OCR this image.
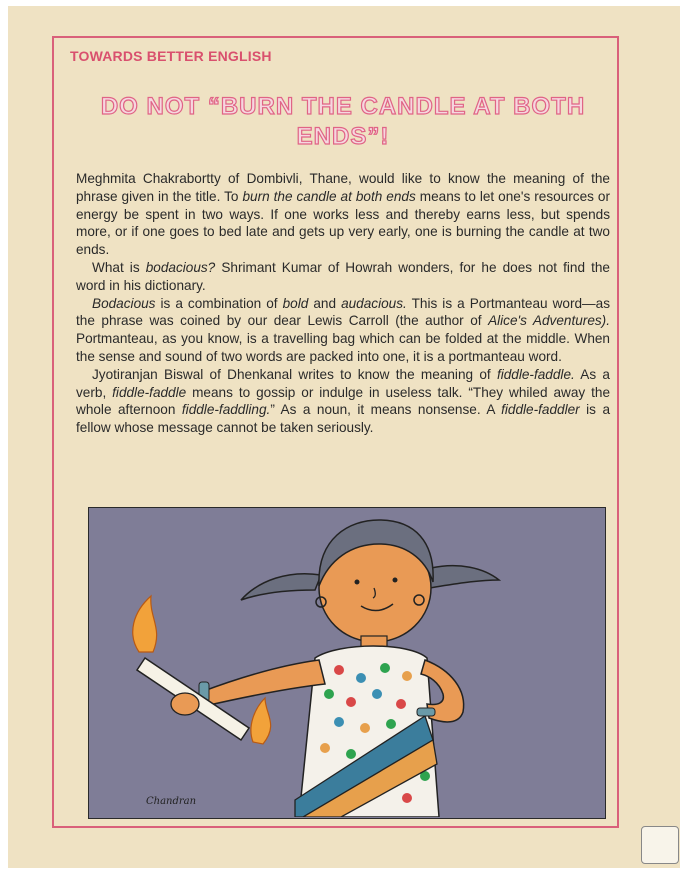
TOWARDS BETTER ENGLISH
DO NOT “BURN THE CANDLE AT BOTH ENDS”!

Meghmita Chakrabortty of Dombivli, Thane, would like to know the meaning of the phrase given in the title. To burn the candle at both ends means to let one's resources or energy be spent in two ways. If one works less and thereby earns less, but spends more, or if one goes to bed late and gets up very early, one is burning the candle at two ends.

What is bodacious? Shrimant Kumar of Howrah wonders, for he does not find the word in his dictionary.

Bodacious is a combination of bold and audacious. This is a Portmanteau word—as the phrase was coined by our dear Lewis Carroll (the author of Alice's Adventures). Portmanteau, as you know, is a travelling bag which can be folded at the middle. When the sense and sound of two words are packed into one, it is a portmanteau word.

Jyotiranjan Biswal of Dhenkanal writes to know the meaning of fiddle-faddle. As a verb, fiddle-faddle means to gossip or indulge in useless talk. “They whiled away the whole afternoon fiddle-faddling.” As a noun, it means nonsense. A fiddle-faddler is a fellow whose message cannot be taken seriously.

Chandran
